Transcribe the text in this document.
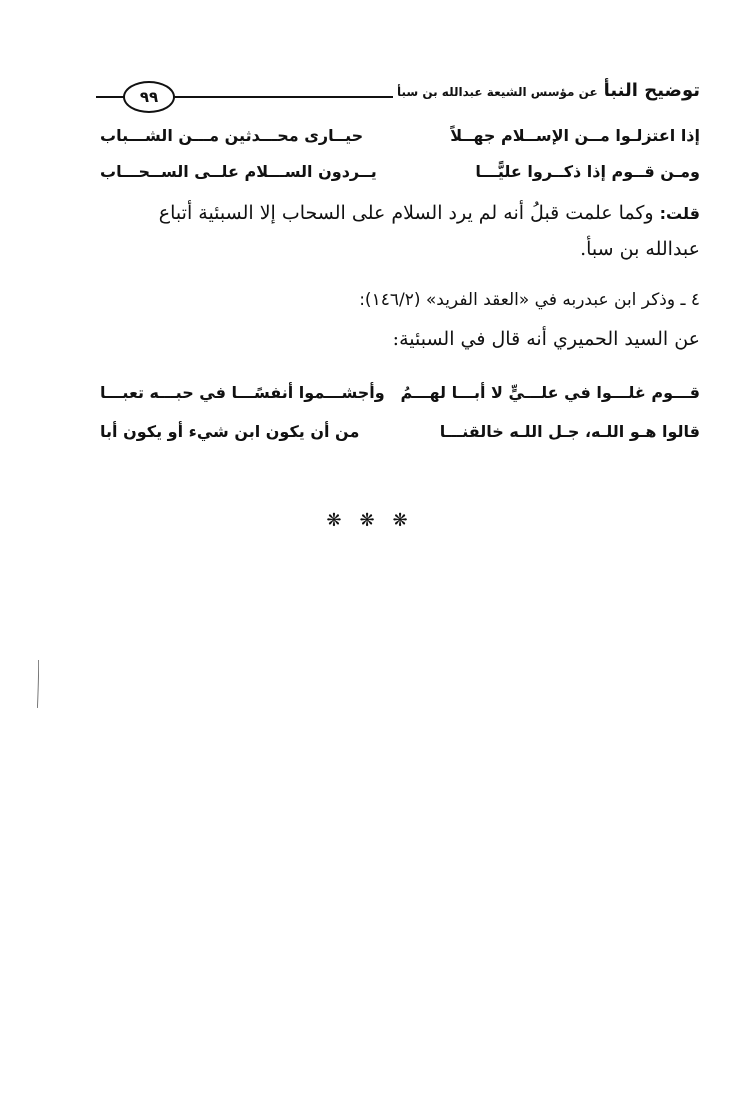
توضيح النبأ عن مؤسس الشيعة عبدالله بن سبأ
٩٩
إذا اعتزلـوا مــن الإســلام جهــلاً
حيــارى محـــدثين مـــن الشـــباب
ومـن قــوم إذا ذكــروا عليًّـــا
يــردون الســـلام علــى الســحـــاب
قلت: وكما علمت قبلُ أنه لم يرد السلام على السحاب إلا السبئية أتباع
عبدالله بن سبأ.
٤ ـ وذكر ابن عبدربه في «العقد الفريد» (١٤٦/٢):
عن السيد الحميري أنه قال في السبئية:
قـــوم غلـــوا في علـــيٍّ لا أبـــا لهـــمُ
وأجشـــموا أنفسًـــا في حبـــه تعبـــا
قالوا هـو اللـه، جـل اللـه خالقنـــا
من أن يكون ابن شيء أو يكون أبا
❋❋❋
